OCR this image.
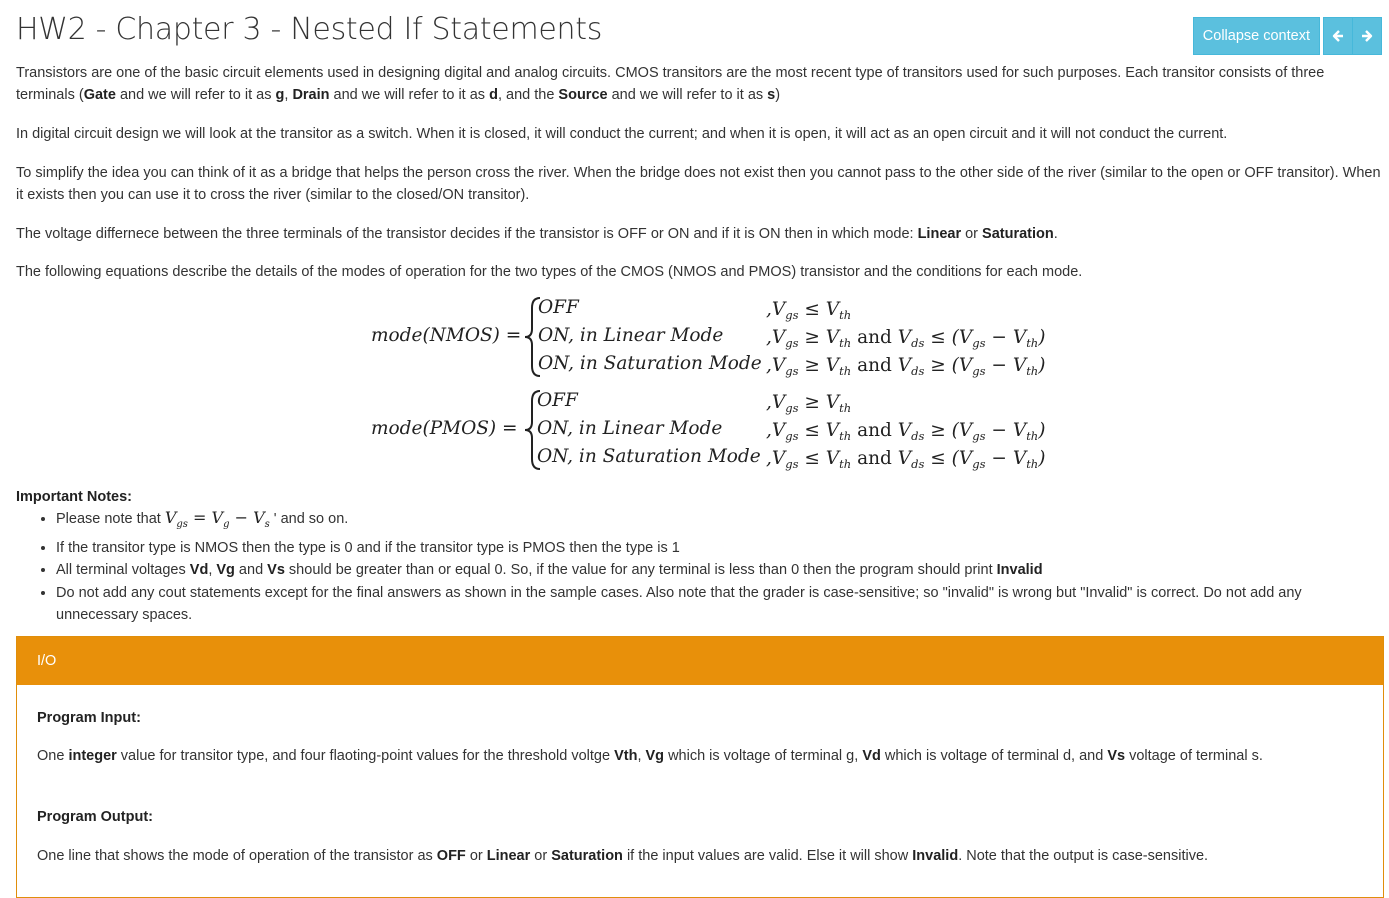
HW2 - Chapter 3 - Nested If Statements	Collapse context

Transistors are one of the basic circuit elements used in designing digital and analog circuits. CMOS transitors are the most recent type of transitors used for such purposes. Each transitor consists of three terminals (Gate and we will refer to it as g, Drain and we will refer to it as d, and the Source and we will refer to it as s)

In digital circuit design we will look at the transitor as a switch. When it is closed, it will conduct the current; and when it is open, it will act as an open circuit and it will not conduct the current.

To simplify the idea you can think of it as a bridge that helps the person cross the river. When the bridge does not exist then you cannot pass to the other side of the river (similar to the open or OFF transitor). When it exists then you can use it to cross the river (similar to the closed/ON transitor).

The voltage differnece between the three terminals of the transistor decides if the transistor is OFF or ON and if it is ON then in which mode: Linear or Saturation.

The following equations describe the details of the modes of operation for the two types of the CMOS (NMOS and PMOS) transistor and the conditions for each mode.

mode(NMOS) =
OFF
ON, in Linear Mode
ON, in Saturation Mode
$,V_{gs} \le V_{th}$
$,V_{gs} \ge V_{th}$ and $V_{ds} \le (V_{gs} - V_{th})$
$,V_{gs} \ge V_{th}$ and $V_{ds} \ge (V_{gs} - V_{th})$
mode(PMOS) =
OFF
ON, in Linear Mode
ON, in Saturation Mode
$,V_{gs} \ge V_{th}$
$,V_{gs} \le V_{th}$ and $V_{ds} \ge (V_{gs} - V_{th})$
$,V_{gs} \le V_{th}$ and $V_{ds} \le (V_{gs} - V_{th})$

Important Notes:

• Please note that $V_{gs} = V_g - V_s$ ' and so on.
• If the transitor type is NMOS then the type is 0 and if the transitor type is PMOS then the type is 1
• All terminal voltages Vd, Vg and Vs should be greater than or equal 0. So, if the value for any terminal is less than 0 then the program should print Invalid
• Do not add any cout statements except for the final answers as shown in the sample cases. Also note that the grader is case-sensitive; so "invalid" is wrong but "Invalid" is correct. Do not add any unnecessary spaces.
I/O

Program Input:

One integer value for transitor type, and four flaoting-point values for the threshold voltge Vth, Vg which is voltage of terminal g, Vd which is voltage of terminal d, and Vs voltage of terminal s.

Program Output:

One line that shows the mode of operation of the transistor as OFF or Linear or Saturation if the input values are valid. Else it will show Invalid. Note that the output is case-sensitive.
